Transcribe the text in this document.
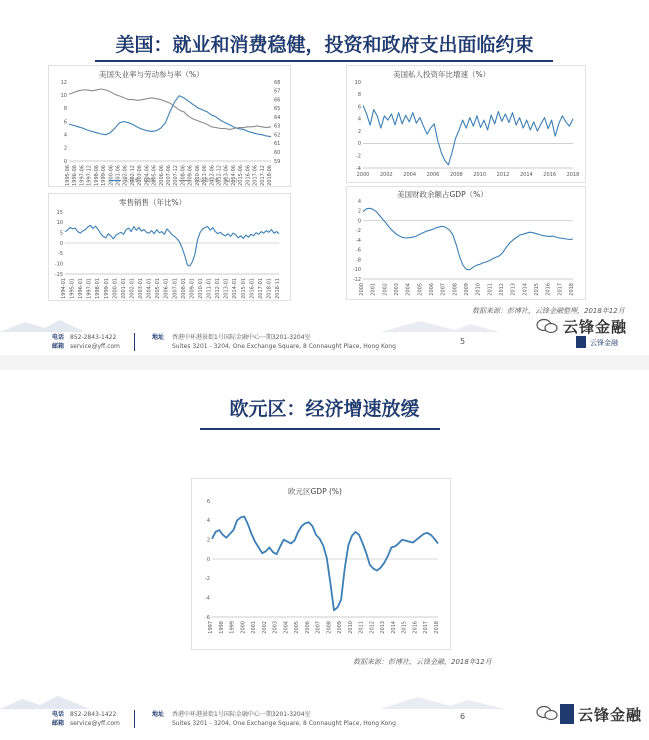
美国：就业和消费稳健，投资和政府支出面临约束
美国失业率与劳动参与率（%）
0
2
4
6
8
10
12
59
60
61
62
63
64
65
66
67
68
1995-06 1996-06 1997-06 1997-12 1998-06 1999-06 2000-06 2001-06 2002-06 2002-12 2003-06 2004-06 2005-06 2006-06 2007-06 2007-12 2008-06 2009-06 2010-06 2011-06 2012-06 2012-12 2013-06 2014-06 2015-06 2016-06 2017-06 2017-12 2018-06
失业率：U3%	劳动参与率：%(右)
美国私人投资年比增速（%）
-4
-2
0
2
4
6
8
10
2000 2002 2004 2006 2008 2010 2012 2014 2016 2018
零售销售（年比%）
-15
-10
-5
0
5
10
15
1994-01 1995-01 1996-01 1997-01 1998-01 1999-01 2000-01 2001-01 2002-01 2003-01 2004-01 2005-01 2006-01 2007-01 2008-01 2009-01 2010-01 2011-01 2012-01 2013-01 2014-01 2015-01 2016-01 2017-01 2018-01 2018-11
美国财政余额占GDP（%）
-12
-10
-8
-6
-4
-2
0
2
4
2000 2001 2002 2003 2004 2005 2006 2007 2008 2009 2010 2011 2012 2013 2014 2015 2016 2017 2018
数据来源：彭博社，云锋金融整理，2018年12月
电话 852-2843-1422
邮箱 service@yff.com
地址 香港中环港景街1号国际金融中心一期3201-3204室
Suites 3201 - 3204, One Exchange Square, 8 Connaught Place, Hong Kong
5
云锋金融
云锋金融
欧元区：经济增速放缓
欧元区GDP (%)
-6
-4
-2
0
2
4
6
1997 1998 1999 2000 2001 2002 2003 2004 2005 2006 2007 2008 2009 2010 2011 2012 2013 2014 2015 2016 2017 2018
数据来源：彭博社，云锋金融，2018年12月
电话 852-2843-1422
邮箱 service@yff.com
地址 香港中环港景街1号国际金融中心一期3201-3204室
Suites 3201 - 3204, One Exchange Square, 8 Connaught Place, Hong Kong
6	云锋金融
